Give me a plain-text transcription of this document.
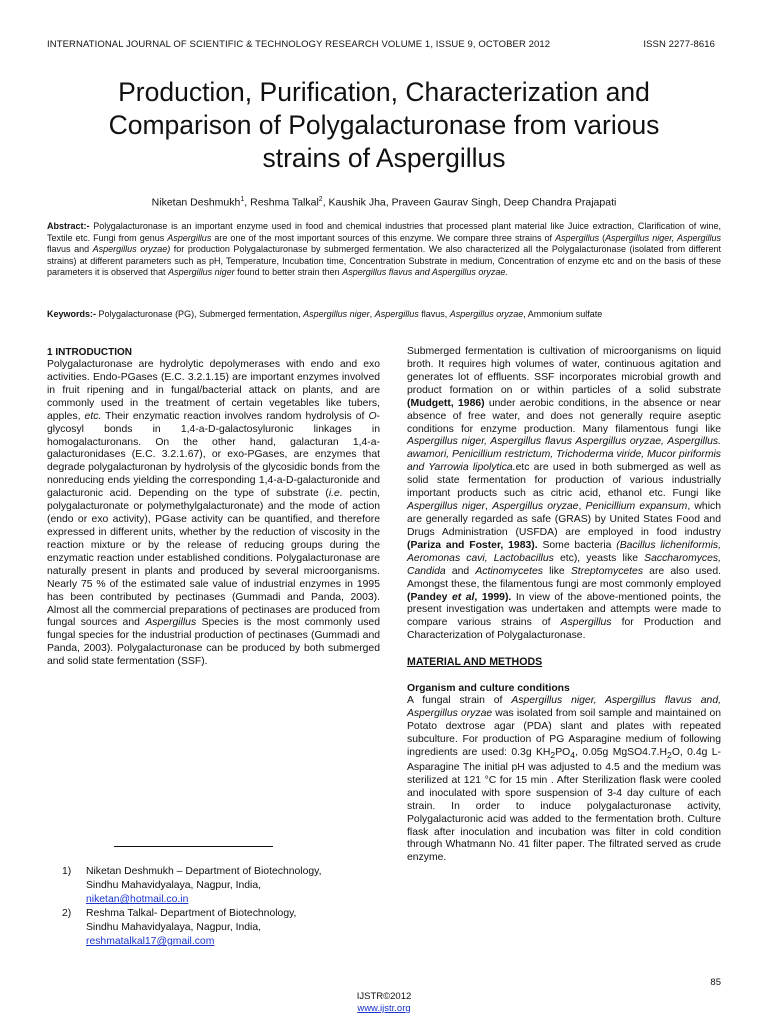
INTERNATIONAL JOURNAL OF SCIENTIFIC & TECHNOLOGY RESEARCH VOLUME 1, ISSUE 9, OCTOBER 2012	ISSN 2277-8616
Production, Purification, Characterization and
Comparison of Polygalacturonase from various
strains of Aspergillus
Niketan Deshmukh$^1$, Reshma Talkal$^2$, Kaushik Jha, Praveen Gaurav Singh, Deep Chandra Prajapati

Abstract:- Polygalacturonase is an important enzyme used in food and chemical industries that processed plant material like Juice extraction, Clarification of wine, Textile etc. Fungi from genus Aspergillus are one of the most important sources of this enzyme. We compare three strains of Aspergillus (Aspergillus niger, Aspergillus flavus and Aspergillus oryzae) for production Polygalacturonase by submerged fermentation. We also characterized all the Polygalacturonase (isolated from different strains) at different parameters such as pH, Temperature, Incubation time, Concentration Substrate in medium, Concentration of enzyme etc and on the basis of these parameters it is observed that Aspergillus niger found to better strain then Aspergillus flavus and Aspergillus oryzae.

Keywords:- Polygalacturonase (PG), Submerged fermentation, Aspergillus niger, Aspergillus flavus, Aspergillus oryzae, Ammonium sulfate

1 INTRODUCTION

Polygalacturonase are hydrolytic depolymerases with endo and exo activities. Endo-PGases (E.C. 3.2.1.15) are important enzymes involved in fruit ripening and in fungal/bacterial attack on plants, and are commonly used in the treatment of certain vegetables like tubers, apples, etc. Their enzymatic reaction involves random hydrolysis of O-glycosyl bonds in 1,4-a-D-galactosyluronic linkages in homogalacturonans. On the other hand, galacturan 1,4-a-galacturonidases (E.C. 3.2.1.67), or exo-PGases, are enzymes that degrade polygalacturonan by hydrolysis of the glycosidic bonds from the nonreducing ends yielding the corresponding 1,4-a-D-galacturonide and galacturonic acid. Depending on the type of substrate (i.e. pectin, polygalacturonate or polymethylgalacturonate) and the mode of action (endo or exo activity), PGase activity can be quantified, and therefore expressed in different units, whether by the reduction of viscosity in the reaction mixture or by the release of reducing groups during the enzymatic reaction under established conditions. Polygalacturonase are naturally present in plants and produced by several microorganisms. Nearly 75 % of the estimated sale value of industrial enzymes in 1995 has been contributed by pectinases (Gummadi and Panda, 2003). Almost all the commercial preparations of pectinases are produced from fungal sources and Aspergillus Species is the most commonly used fungal species for the industrial production of pectinases (Gummadi and Panda, 2003). Polygalacturonase can be produced by both submerged and solid state fermentation (SSF).

Submerged fermentation is cultivation of microorganisms on liquid broth. It requires high volumes of water, continuous agitation and generates lot of effluents. SSF incorporates microbial growth and product formation on or within particles of a solid substrate (Mudgett, 1986) under aerobic conditions, in the absence or near absence of free water, and does not generally require aseptic conditions for enzyme production. Many filamentous fungi like Aspergillus niger, Aspergillus flavus Aspergillus oryzae, Aspergillus. awamori, Penicillium restrictum, Trichoderma viride, Mucor piriformis and Yarrowia lipolytica.etc are used in both submerged as well as solid state fermentation for production of various industrially important products such as citric acid, ethanol etc. Fungi like Aspergillus niger, Aspergillus oryzae, Penicillium expansum, which are generally regarded as safe (GRAS) by United States Food and Drugs Administration (USFDA) are employed in food industry (Pariza and Foster, 1983). Some bacteria (Bacillus licheniformis, Aeromonas cavi, Lactobacillus etc), yeasts like Saccharomyces, Candida and Actinomycetes like Streptomycetes are also used. Amongst these, the filamentous fungi are most commonly employed (Pandey et al, 1999). In view of the above-mentioned points, the present investigation was undertaken and attempts were made to compare various strains of Aspergillus for Production and Characterization of Polygalacturonase.

MATERIAL AND METHODS
Organism and culture conditions

A fungal strain of Aspergillus niger, Aspergillus flavus and, Aspergillus oryzae was isolated from soil sample and maintained on Potato dextrose agar (PDA) slant and plates with repeated subculture. For production of PG Asparagine medium of following ingredients are used: 0.3g $KH_2PO_4$, 0.05g $MgSO4.7.H_2O$, 0.4g L- Asparagine The initial pH was adjusted to 4.5 and the medium was sterilized at 121 °C for 15 min . After Sterilization flask were cooled and inoculated with spore suspension of 3-4 day culture of each strain. In order to induce polygalacturonase activity, Polygalacturonic acid was added to the fermentation broth. Culture flask after inoculation and incubation was filter in cold condition through Whatmann No. 41 filter paper. The filtrated served as crude enzyme.

1)	Niketan Deshmukh – Department of Biotechnology,
Sindhu Mahavidyalaya, Nagpur, India,
niketan@hotmail.co.in
2)	Reshma Talkal- Department of Biotechnology,
Sindhu Mahavidyalaya, Nagpur, India,
reshmatalkal17@gmail.com
85
IJSTR©2012
www.ijstr.org
